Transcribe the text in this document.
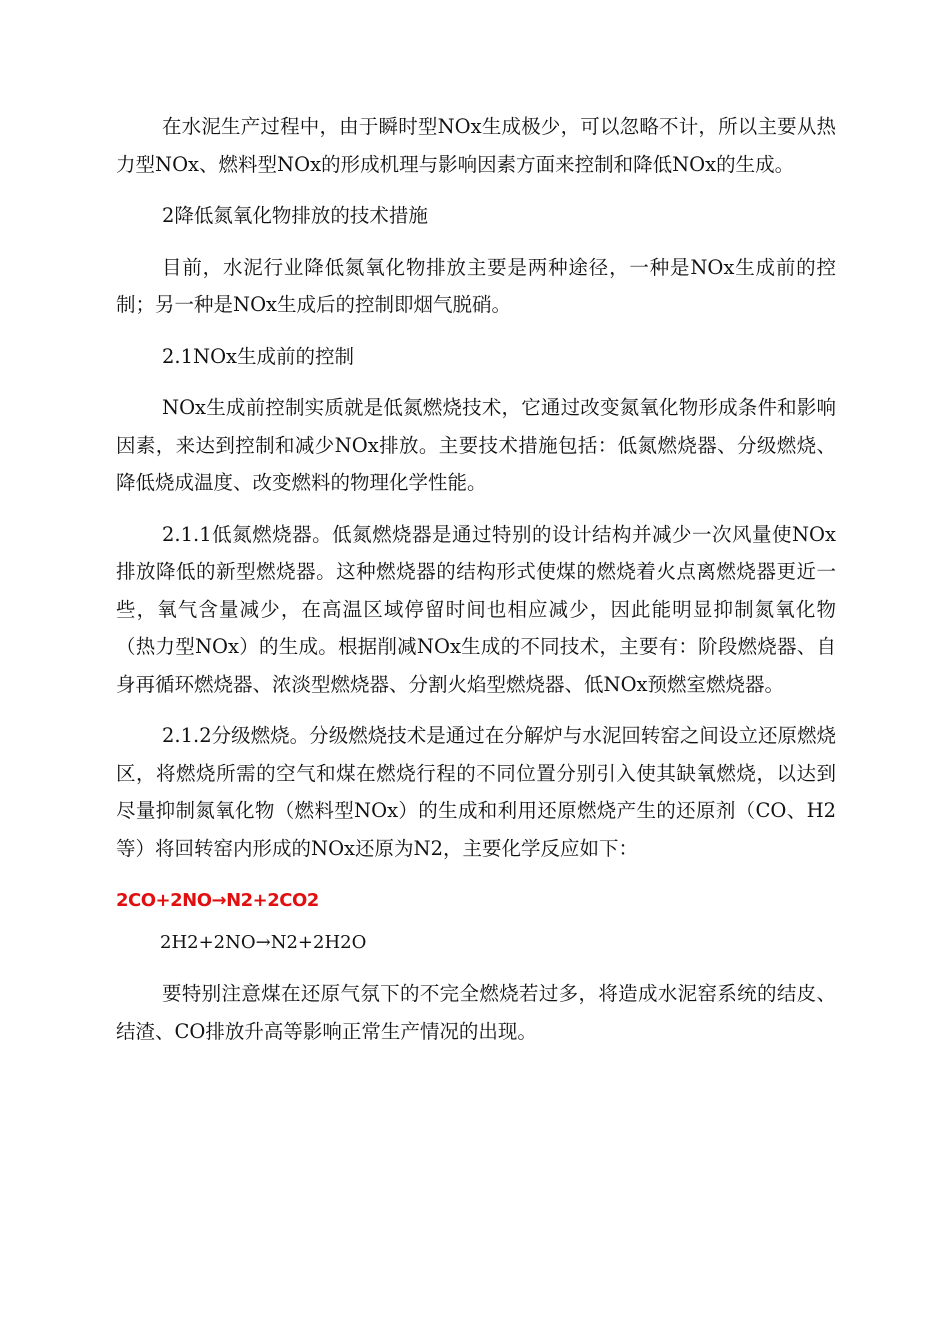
在水泥生产过程中，由于瞬时型NOx生成极少，可以忽略不计，所以主要从热力型NOx、燃料型NOx的形成机理与影响因素方面来控制和降低NOx的生成。

2降低氮氧化物排放的技术措施

目前，水泥行业降低氮氧化物排放主要是两种途径，一种是NOx生成前的控制；另一种是NOx生成后的控制即烟气脱硝。

2.1NOx生成前的控制

NOx生成前控制实质就是低氮燃烧技术，它通过改变氮氧化物形成条件和影响因素，来达到控制和减少NOx排放。主要技术措施包括：低氮燃烧器、分级燃烧、降低烧成温度、改变燃料的物理化学性能。

2.1.1低氮燃烧器。低氮燃烧器是通过特别的设计结构并减少一次风量使NOx排放降低的新型燃烧器。这种燃烧器的结构形式使煤的燃烧着火点离燃烧器更近一些，氧气含量减少，在高温区域停留时间也相应减少，因此能明显抑制氮氧化物（热力型NOx）的生成。根据削减NOx生成的不同技术，主要有：阶段燃烧器、自身再循环燃烧器、浓淡型燃烧器、分割火焰型燃烧器、低NOx预燃室燃烧器。

2.1.2分级燃烧。分级燃烧技术是通过在分解炉与水泥回转窑之间设立还原燃烧区，将燃烧所需的空气和煤在燃烧行程的不同位置分别引入使其缺氧燃烧，以达到尽量抑制氮氧化物（燃料型NOx）的生成和利用还原燃烧产生的还原剂（CO、H2等）将回转窑内形成的NOx还原为N2，主要化学反应如下：

2CO+2NO→N2+2CO2

2H2+2NO→N2+2H2O

要特别注意煤在还原气氛下的不完全燃烧若过多，将造成水泥窑系统的结皮、结渣、CO排放升高等影响正常生产情况的出现。
